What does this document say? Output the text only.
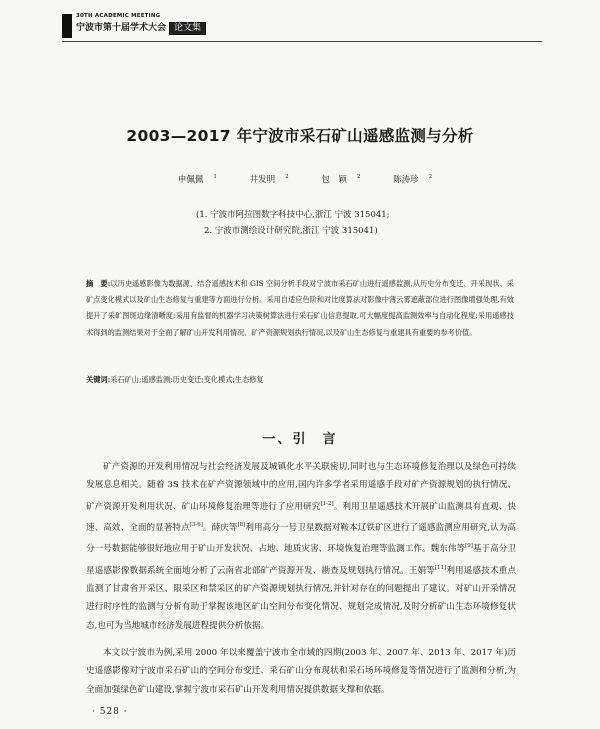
30TH ACADEMIC MEETING
宁波市第十届学术大会 论文集
2003—2017 年宁波市采石矿山遥感监测与分析
申佩佩 $^1$	井发明 $^2$	包　颖 $^2$	陈涛珍 $^2$
(1. 宁波市阿拉图数字科技中心,浙江 宁波 315041;
2. 宁波市测绘设计研究院,浙江 宁波 315041)
摘　要:以历史遥感影像为数据源、结合遥感技术和 GIS 空间分析手段对宁波市采石矿山进行遥感监测,从历史分布变迁、开采现状、采矿点变化模式以及矿山生态修复与重建等方面进行分析。采用自适应色阶和对比度算法对影像中薄云雾遮蔽部位进行图像增强处理,有效提升了采矿图斑边缘清晰度;采用有监督的机器学习决策树算法进行采石矿山信息提取,可大幅度提高监测效率与自动化程度;采用遥感技术得到的监测结果对于全面了解矿山开发利用情况、矿产资源规划执行情况,以及矿山生态修复与重建具有重要的参考价值。
关键词:采石矿山;遥感监测;历史变迁;变化模式;生态修复
一、引　言

矿产资源的开发利用情况与社会经济发展及城镇化水平关联密切,同时也与生态环境修复治理以及绿色可持续发展息息相关。随着 3S 技术在矿产资源领域中的应用,国内许多学者采用遥感手段对矿产资源规划的执行情况、矿产资源开发利用状况、矿山环境修复治理等进行了应用研究[1-2]。利用卫星遥感技术开展矿山监测具有直观、快速、高效、全面的显著特点[3-6]。薛庆等[8]利用高分一号卫星数据对鞍本辽铁矿区进行了遥感监测应用研究,认为高分一号数据能够很好地应用于矿山开发状况、占地、地质灾害、环境恢复治理等监测工作。魏东伟等[9]基于高分卫星遥感影像数据系统全面地分析了云南省北部矿产资源开发、勘查及规划执行情况。王娟等[11]利用遥感技术重点监测了甘肃省开采区、限采区和禁采区的矿产资源规划执行情况,并针对存在的问题提出了建议。对矿山开采情况进行时序性的监测与分析有助于掌握该地区矿山空间分布变化情况、规划完成情况,及时分析矿山生态环境修复状态,也可为当地城市经济发展进程提供分析依据。

本文以宁波市为例,采用 2000 年以来覆盖宁波市全市域的四期(2003 年、2007 年、2013 年、2017 年)历史遥感影像对宁波市采石矿山的空间分布变迁、采石矿山分布现状和采石场环境修复等情况进行了监测和分析,为全面加强绿色矿山建设,掌握宁波市采石矿山开发利用情况提供数据支撑和依据。

· 528 ·
